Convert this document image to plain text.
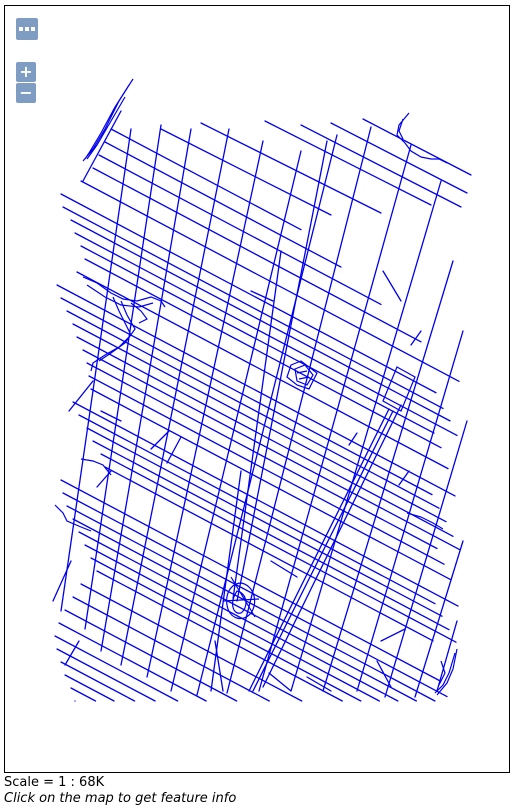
+
−
Scale = 1 : 68K
Click on the map to get feature info
